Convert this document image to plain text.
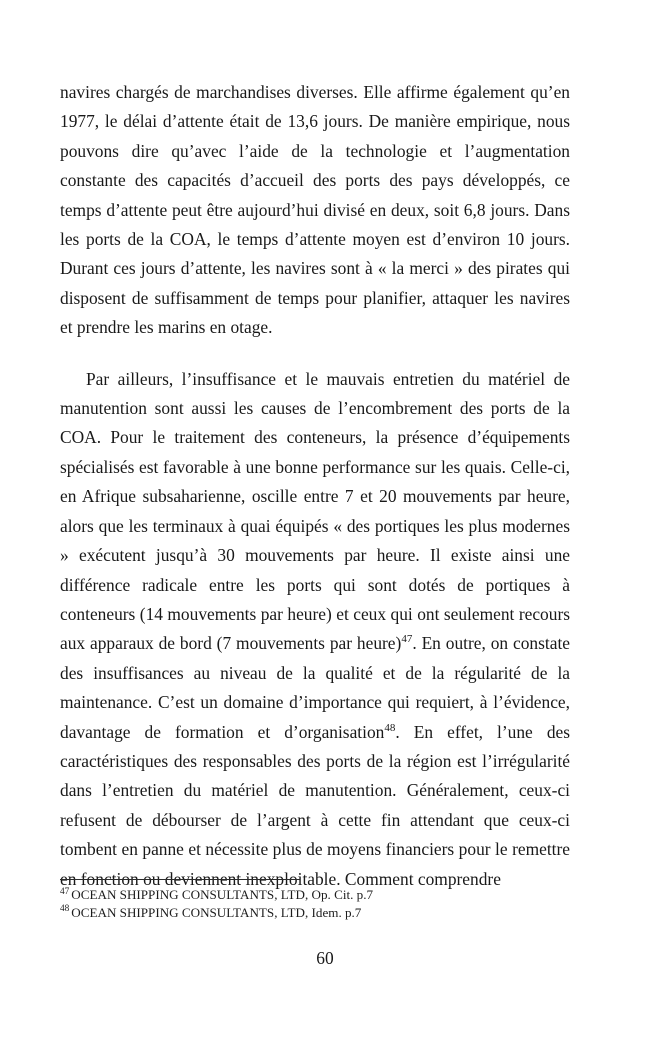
navires chargés de marchandises diverses. Elle affirme également qu’en 1977, le délai d’attente était de 13,6 jours. De manière empirique, nous pouvons dire qu’avec l’aide de la technologie et l’augmentation constante des capacités d’accueil des ports des pays développés, ce temps d’attente peut être aujourd’hui divisé en deux, soit 6,8 jours. Dans les ports de la COA, le temps d’attente moyen est d’environ 10 jours. Durant ces jours d’attente, les navires sont à « la merci » des pirates qui disposent de suffisamment de temps pour planifier, attaquer les navires et prendre les marins en otage.

Par ailleurs, l’insuffisance et le mauvais entretien du matériel de manutention sont aussi les causes de l’encombrement des ports de la COA. Pour le traitement des conteneurs, la présence d’équipements spécialisés est favorable à une bonne performance sur les quais. Celle-ci, en Afrique subsaharienne, oscille entre 7 et 20 mouvements par heure, alors que les terminaux à quai équipés « des portiques les plus modernes » exécutent jusqu’à 30 mouvements par heure. Il existe ainsi une différence radicale entre les ports qui sont dotés de portiques à conteneurs (14 mouvements par heure) et ceux qui ont seulement recours aux apparaux de bord (7 mouvements par heure)$^{47}$. En outre, on constate des insuffisances au niveau de la qualité et de la régularité de la maintenance. C’est un domaine d’importance qui requiert, à l’évidence, davantage de formation et d’organisation$^{48}$. En effet, l’une des caractéristiques des responsables des ports de la région est l’irrégularité dans l’entretien du matériel de manutention. Généralement, ceux-ci refusent de débourser de l’argent à cette fin attendant que ceux-ci tombent en panne et nécessite plus de moyens financiers pour le remettre en fonction ou deviennent inexploitable. Comment comprendre

$^{47}$ OCEAN SHIPPING CONSULTANTS, LTD, Op. Cit. p.7
$^{48}$ OCEAN SHIPPING CONSULTANTS, LTD, Idem. p.7
60
